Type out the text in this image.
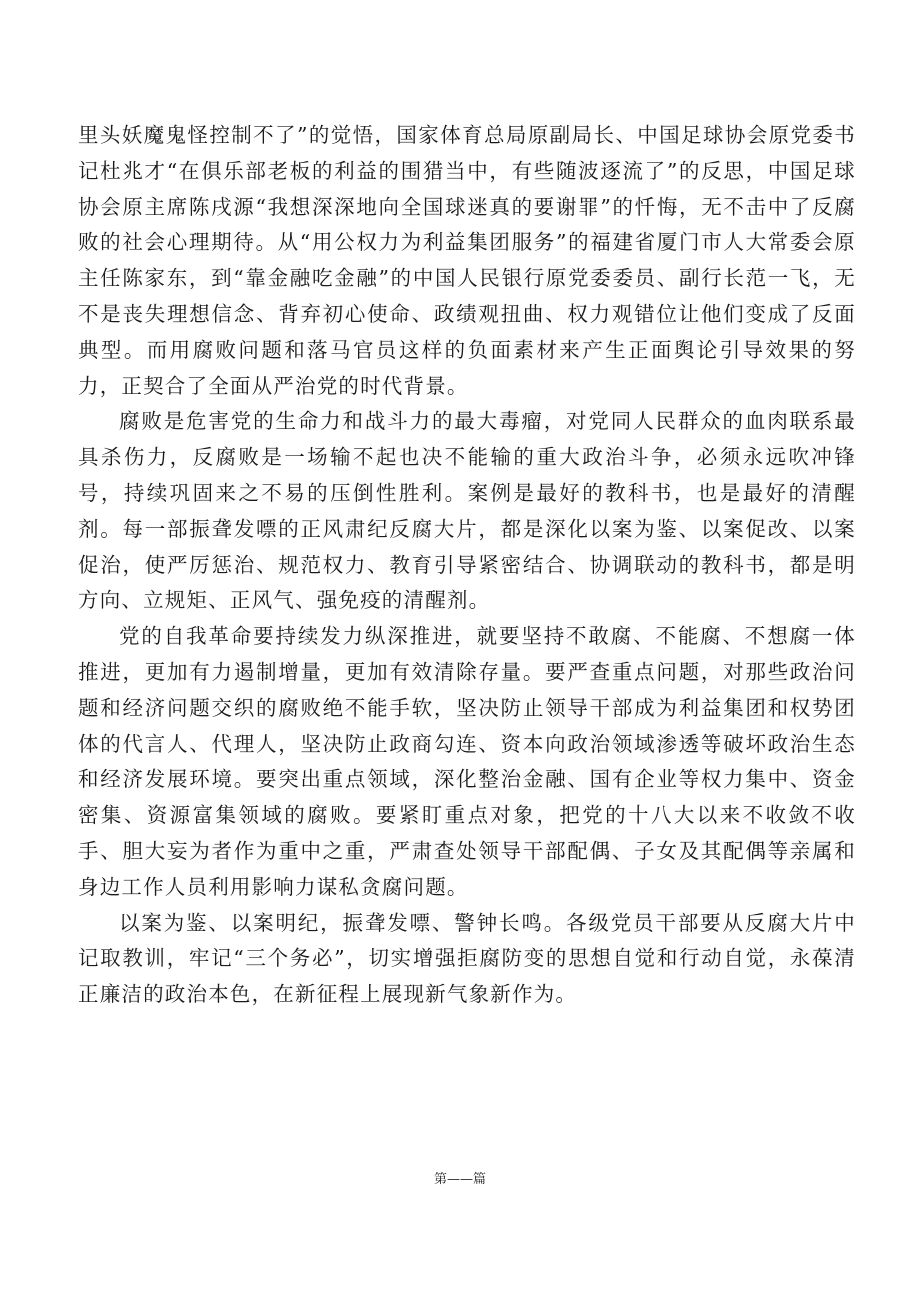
里头妖魔鬼怪控制不了”的觉悟，国家体育总局原副局长、中国足球协会原党委书记杜兆才“在俱乐部老板的利益的围猎当中，有些随波逐流了”的反思，中国足球协会原主席陈戌源“我想深深地向全国球迷真的要谢罪”的忏悔，无不击中了反腐败的社会心理期待。从“用公权力为利益集团服务”的福建省厦门市人大常委会原主任陈家东，到“靠金融吃金融”的中国人民银行原党委委员、副行长范一飞，无不是丧失理想信念、背弃初心使命、政绩观扭曲、权力观错位让他们变成了反面典型。而用腐败问题和落马官员这样的负面素材来产生正面舆论引导效果的努力，正契合了全面从严治党的时代背景。

腐败是危害党的生命力和战斗力的最大毒瘤，对党同人民群众的血肉联系最具杀伤力，反腐败是一场输不起也决不能输的重大政治斗争，必须永远吹冲锋号，持续巩固来之不易的压倒性胜利。案例是最好的教科书，也是最好的清醒剂。每一部振聋发嘌的正风肃纪反腐大片，都是深化以案为鉴、以案促改、以案促治，使严厉惩治、规范权力、教育引导紧密结合、协调联动的教科书，都是明方向、立规矩、正风气、强免疫的清醒剂。

党的自我革命要持续发力纵深推进，就要坚持不敢腐、不能腐、不想腐一体推进，更加有力遏制增量，更加有效清除存量。要严查重点问题，对那些政治问题和经济问题交织的腐败绝不能手软，坚决防止领导干部成为利益集团和权势团体的代言人、代理人，坚决防止政商勾连、资本向政治领域渗透等破坏政治生态和经济发展环境。要突出重点领域，深化整治金融、国有企业等权力集中、资金密集、资源富集领域的腐败。要紧盯重点对象，把党的十八大以来不收敛不收手、胆大妄为者作为重中之重，严肃查处领导干部配偶、子女及其配偶等亲属和身边工作人员利用影响力谋私贪腐问题。

以案为鉴、以案明纪，振聋发嘌、警钟长鸣。各级党员干部要从反腐大片中记取教训，牢记“三个务必”，切实增强拒腐防变的思想自觉和行动自觉，永葆清正廉洁的政治本色，在新征程上展现新气象新作为。

第——篇
